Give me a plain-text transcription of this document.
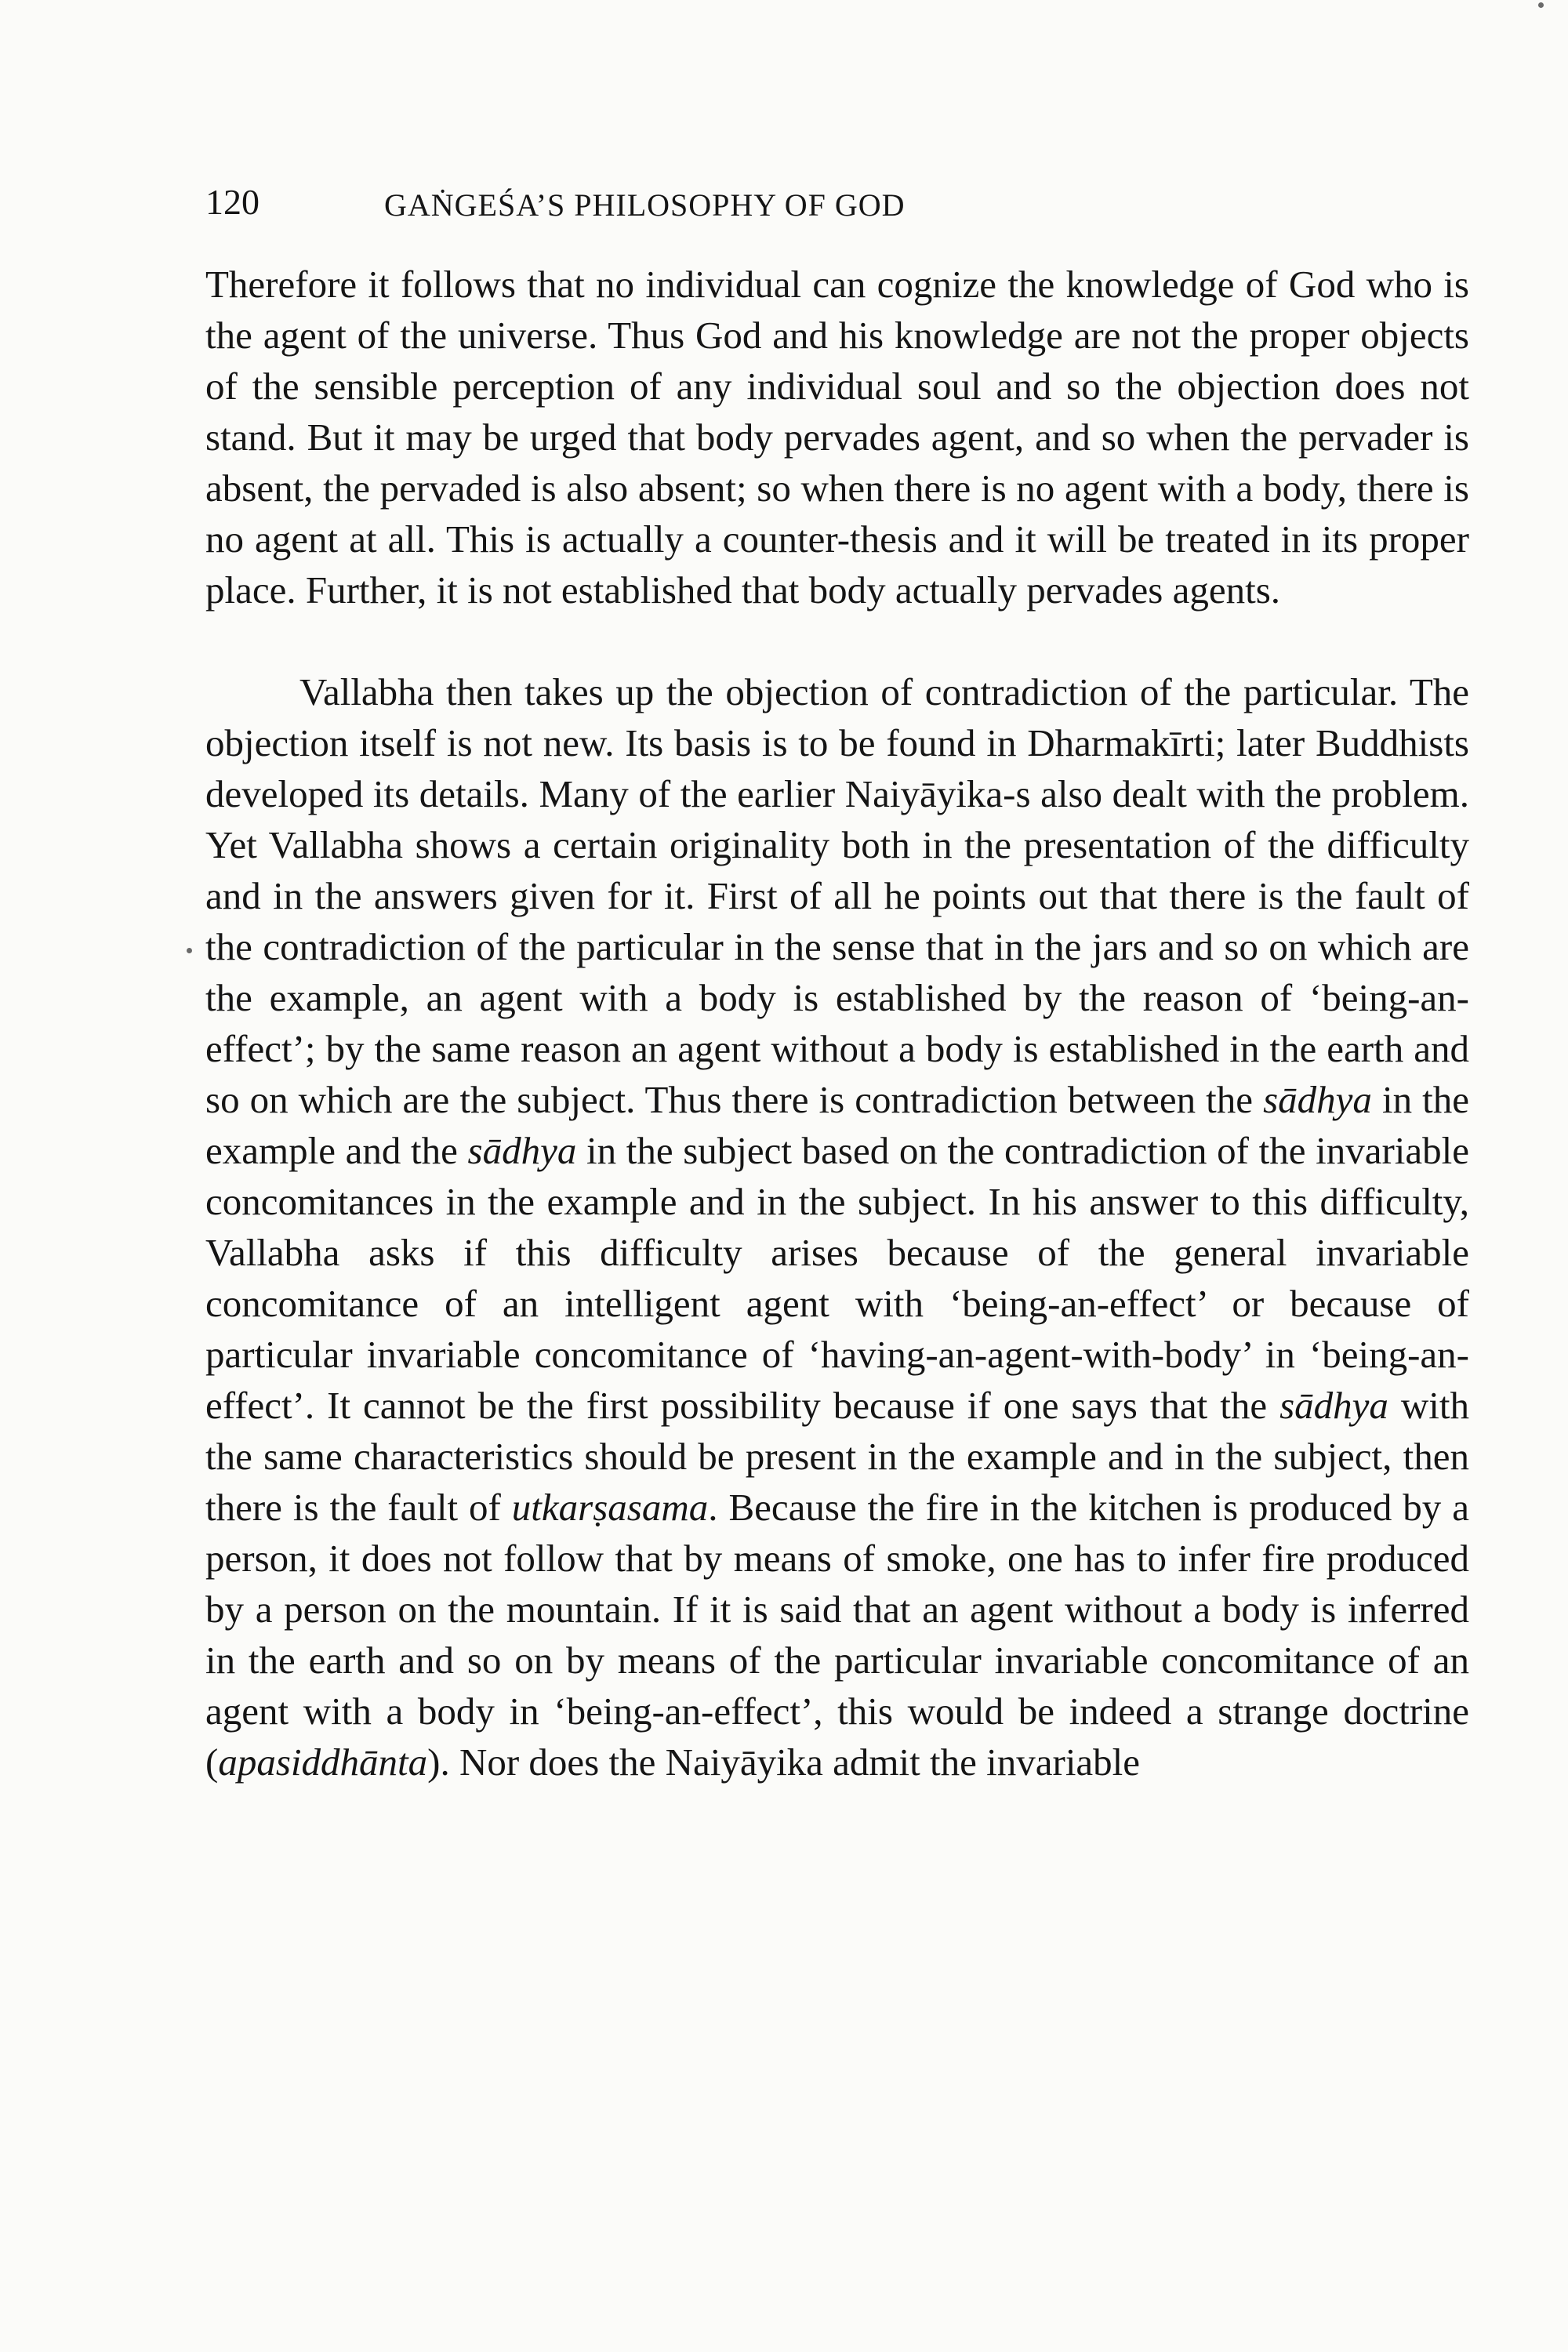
120	GAṄGEŚA’S PHILOSOPHY OF GOD

Therefore it follows that no individual can cognize the knowledge of God who is the agent of the universe. Thus God and his knowledge are not the proper objects of the sensible perception of any individual soul and so the objection does not stand. But it may be urged that body pervades agent, and so when the pervader is absent, the pervaded is also absent; so when there is no agent with a body, there is no agent at all. This is actually a counter-thesis and it will be treated in its proper place. Further, it is not established that body actually pervades agents.

Vallabha then takes up the objection of contradiction of the particular. The objection itself is not new. Its basis is to be found in Dharmakīrti; later Buddhists developed its details. Many of the earlier Naiyāyika-s also dealt with the problem. Yet Vallabha shows a certain originality both in the presentation of the difficulty and in the answers given for it. First of all he points out that there is the fault of the contradiction of the particular in the sense that in the jars and so on which are the example, an agent with a body is established by the reason of ‘being-an-effect’; by the same reason an agent without a body is established in the earth and so on which are the subject. Thus there is contradiction between the sādhya in the example and the sādhya in the subject based on the contradiction of the invariable concomitances in the example and in the subject. In his answer to this difficulty, Vallabha asks if this difficulty arises because of the general invariable concomitance of an intelligent agent with ‘being-an-effect’ or because of particular invariable concomitance of ‘having-an-agent-with-body’ in ‘being-an-effect’. It cannot be the first possibility because if one says that the sādhya with the same characteristics should be present in the example and in the subject, then there is the fault of utkarṣasama. Because the fire in the kitchen is produced by a person, it does not follow that by means of smoke, one has to infer fire produced by a person on the mountain. If it is said that an agent without a body is inferred in the earth and so on by means of the particular invariable concomitance of an agent with a body in ‘being-an-effect’, this would be indeed a strange doctrine (apasiddhānta). Nor does the Naiyāyika admit the invariable
